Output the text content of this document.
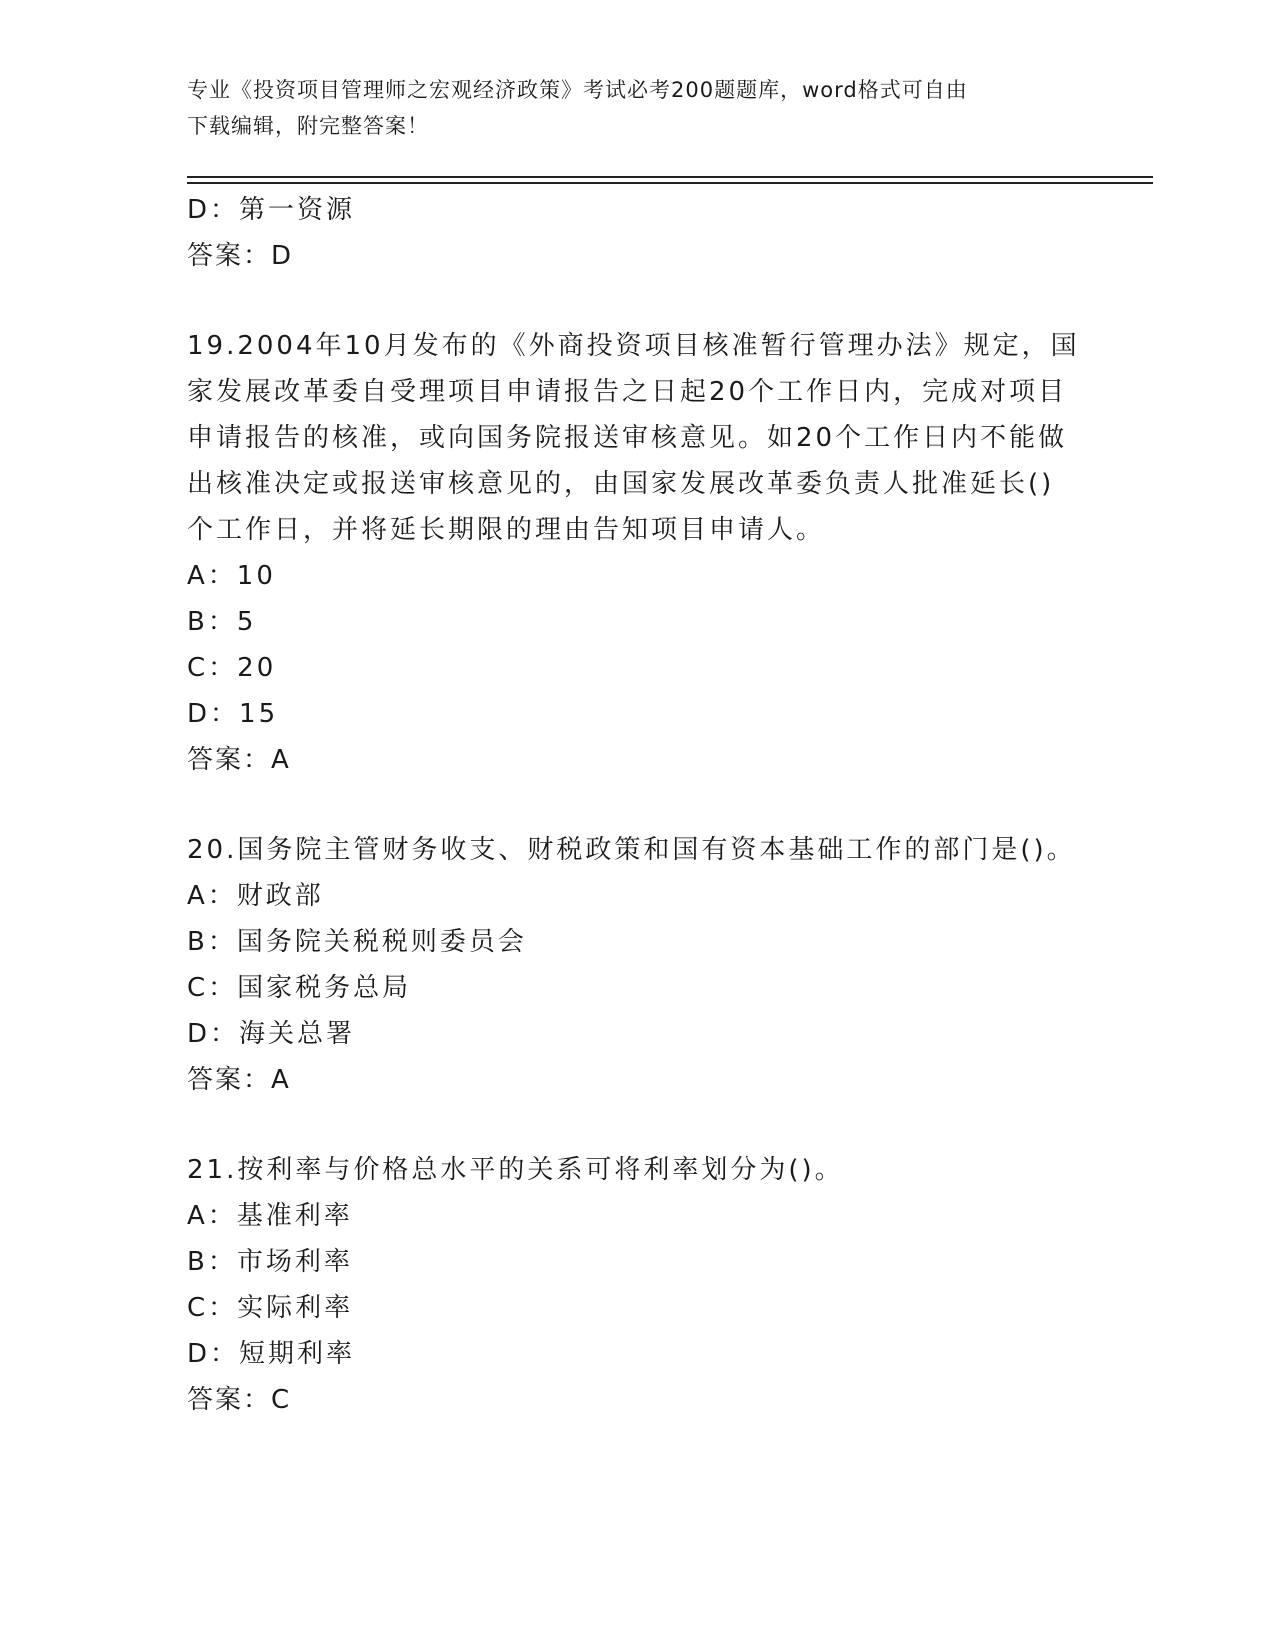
专业《投资项目管理师之宏观经济政策》考试必考200题题库，word格式可自由
下载编辑，附完整答案！
D：第一资源
答案：D
19.2004年10月发布的《外商投资项目核准暂行管理办法》规定，国
家发展改革委自受理项目申请报告之日起20个工作日内，完成对项目
申请报告的核准，或向国务院报送审核意见。如20个工作日内不能做
出核准决定或报送审核意见的，由国家发展改革委负责人批准延长()
个工作日，并将延长期限的理由告知项目申请人。
A：10
B：5
C：20
D：15
答案：A
20.国务院主管财务收支、财税政策和国有资本基础工作的部门是()。
A：财政部
B：国务院关税税则委员会
C：国家税务总局
D：海关总署
答案：A
21.按利率与价格总水平的关系可将利率划分为()。
A：基准利率
B：市场利率
C：实际利率
D：短期利率
答案：C
